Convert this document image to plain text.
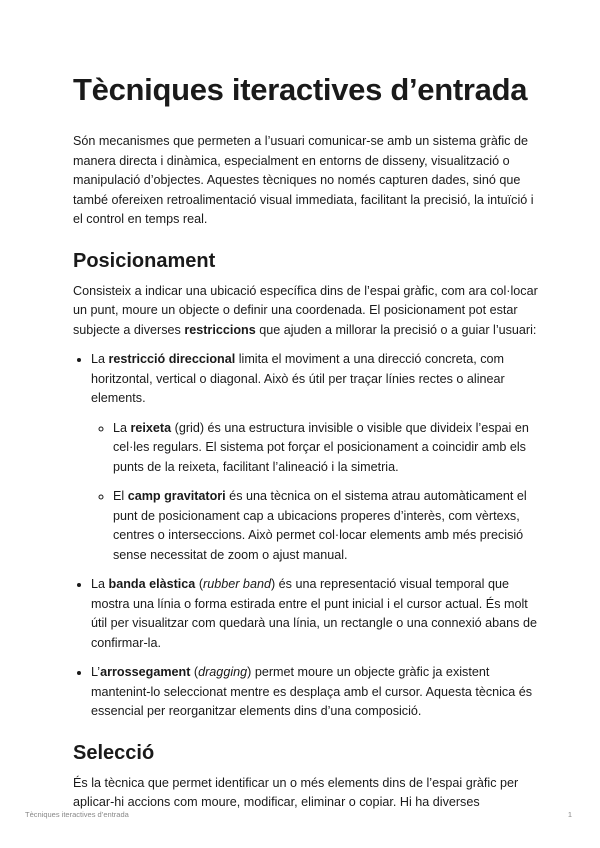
Tècniques iteractives d’entrada

Són mecanismes que permeten a l’usuari comunicar-se amb un sistema gràfic de manera directa i dinàmica, especialment en entorns de disseny, visualització o manipulació d’objectes. Aquestes tècniques no només capturen dades, sinó que també ofereixen retroalimentació visual immediata, facilitant la precisió, la intuïció i el control en temps real.

Posicionament

Consisteix a indicar una ubicació específica dins de l’espai gràfic, com ara col·locar un punt, moure un objecte o definir una coordenada. El posicionament pot estar subjecte a diverses restriccions que ajuden a millorar la precisió o a guiar l’usuari:

• La restricció direccional limita el moviment a una direcció concreta, com horitzontal, vertical o diagonal. Això és útil per traçar línies rectes o alinear elements.
◦ La reixeta (grid) és una estructura invisible o visible que divideix l’espai en cel·les regulars. El sistema pot forçar el posicionament a coincidir amb els punts de la reixeta, facilitant l’alineació i la simetria.
◦ El camp gravitatori és una tècnica on el sistema atrau automàticament el punt de posicionament cap a ubicacions properes d’interès, com vèrtexs, centres o interseccions. Això permet col·locar elements amb més precisió sense necessitat de zoom o ajust manual.
• La banda elàstica (rubber band) és una representació visual temporal que mostra una línia o forma estirada entre el punt inicial i el cursor actual. És molt útil per visualitzar com quedarà una línia, un rectangle o una connexió abans de confirmar-la.
• L’arrossegament (dragging) permet moure un objecte gràfic ja existent mantenint-lo seleccionat mentre es desplaça amb el cursor. Aquesta tècnica és essencial per reorganitzar elements dins d’una composició.
Selecció

És la tècnica que permet identificar un o més elements dins de l’espai gràfic per aplicar-hi accions com moure, modificar, eliminar o copiar. Hi ha diverses

Tècniques iteractives d’entrada	1
